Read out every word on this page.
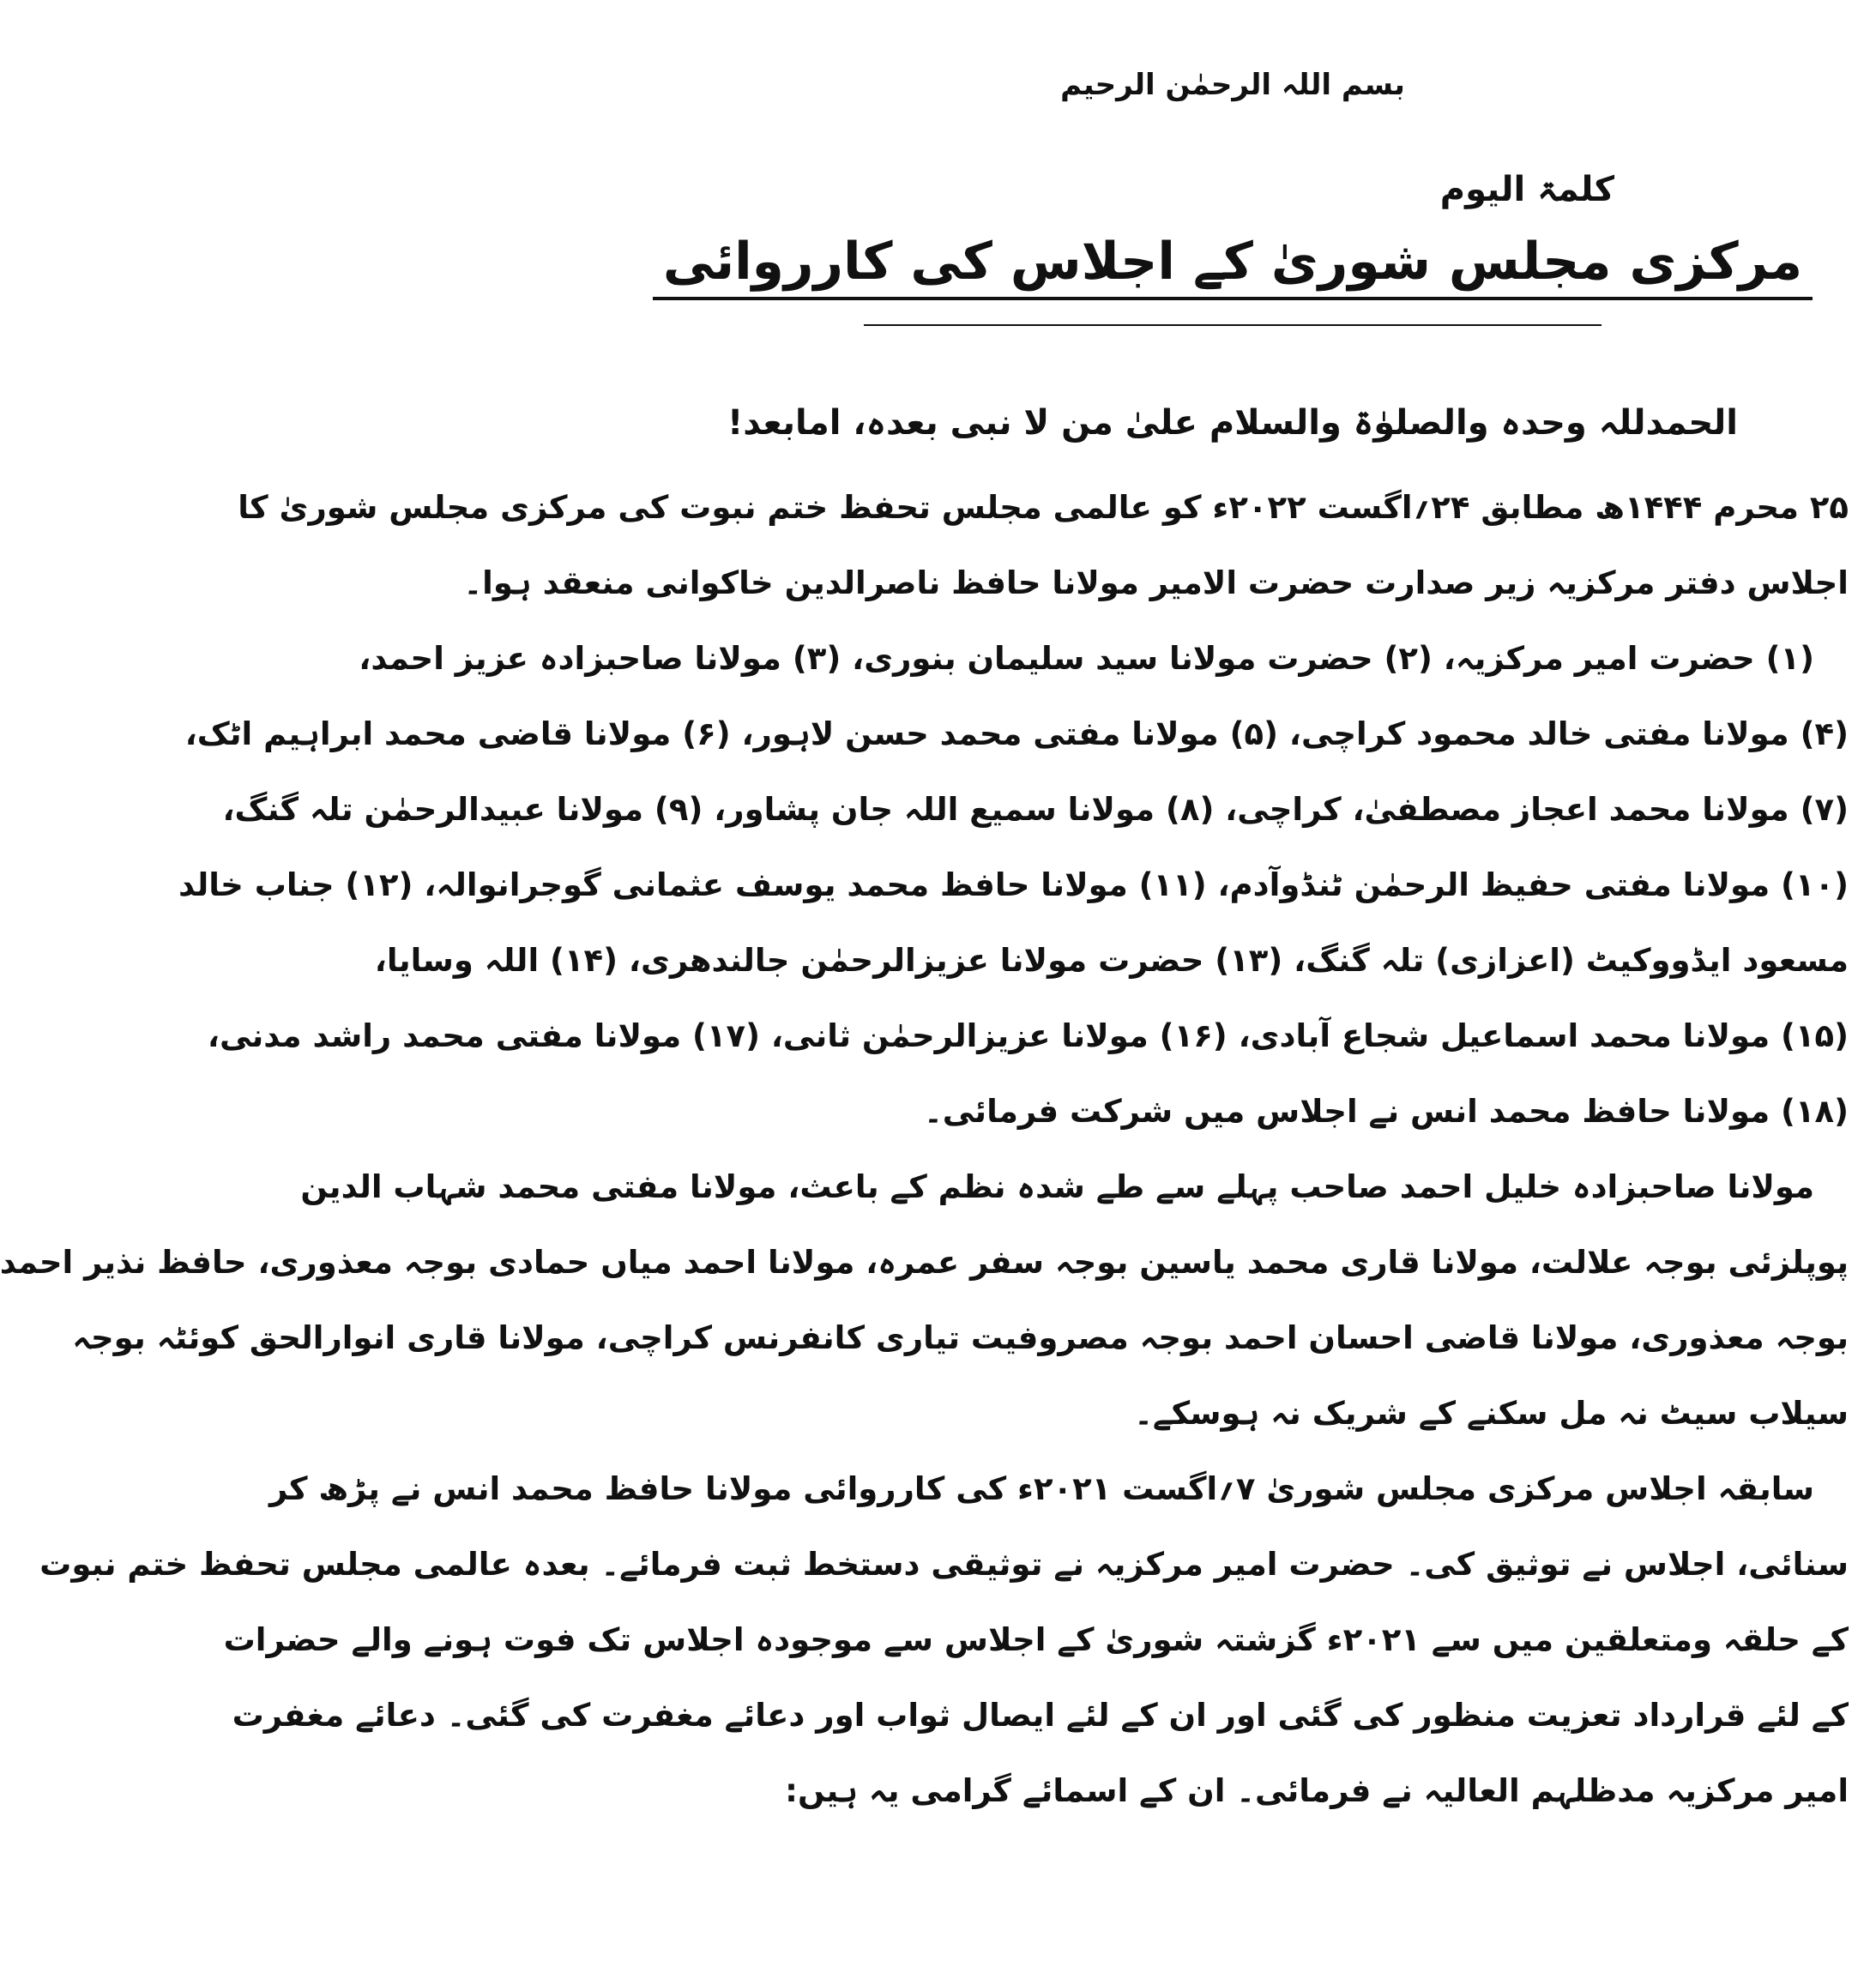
بسم اللہ الرحمٰن الرحیم
کلمۃ الیوم
مرکزی مجلس شوریٰ کے اجلاس کی کارروائی
الحمدللہ وحدہ والصلوٰۃ والسلام علیٰ من لا نبی بعدہ، امابعد!
۲۵ محرم ۱۴۴۴ھ مطابق ۲۴؍اگست ۲۰۲۲ء کو عالمی مجلس تحفظ ختم نبوت کی مرکزی مجلس شوریٰ کا
اجلاس دفتر مرکزیہ زیر صدارت حضرت الامیر مولانا حافظ ناصرالدین خاکوانی منعقد ہوا۔
(۱) حضرت امیر مرکزیہ، (۲) حضرت مولانا سید سلیمان بنوری، (۳) مولانا صاحبزادہ عزیز احمد،
(۴) مولانا مفتی خالد محمود کراچی، (۵) مولانا مفتی محمد حسن لاہور، (۶) مولانا قاضی محمد ابراہیم اٹک،
(۷) مولانا محمد اعجاز مصطفیٰ، کراچی، (۸) مولانا سمیع اللہ جان پشاور، (۹) مولانا عبیدالرحمٰن تلہ گنگ،
(۱۰) مولانا مفتی حفیظ الرحمٰن ٹنڈوآدم، (۱۱) مولانا حافظ محمد یوسف عثمانی گوجرانوالہ، (۱۲) جناب خالد
مسعود ایڈووکیٹ (اعزازی) تلہ گنگ، (۱۳) حضرت مولانا عزیزالرحمٰن جالندھری، (۱۴) اللہ وسایا،
(۱۵) مولانا محمد اسماعیل شجاع آبادی، (۱۶) مولانا عزیزالرحمٰن ثانی، (۱۷) مولانا مفتی محمد راشد مدنی،
(۱۸) مولانا حافظ محمد انس نے اجلاس میں شرکت فرمائی۔
مولانا صاحبزادہ خلیل احمد صاحب پہلے سے طے شدہ نظم کے باعث، مولانا مفتی محمد شہاب الدین
پوپلزئی بوجہ علالت، مولانا قاری محمد یاسین بوجہ سفر عمرہ، مولانا احمد میاں حمادی بوجہ معذوری، حافظ نذیر احمد
بوجہ معذوری، مولانا قاضی احسان احمد بوجہ مصروفیت تیاری کانفرنس کراچی، مولانا قاری انوارالحق کوئٹہ بوجہ
سیلاب سیٹ نہ مل سکنے کے شریک نہ ہوسکے۔
سابقہ اجلاس مرکزی مجلس شوریٰ ۷؍اگست ۲۰۲۱ء کی کارروائی مولانا حافظ محمد انس نے پڑھ کر
سنائی، اجلاس نے توثیق کی۔ حضرت امیر مرکزیہ نے توثیقی دستخط ثبت فرمائے۔ بعدہ عالمی مجلس تحفظ ختم نبوت
کے حلقہ ومتعلقین میں سے ۲۰۲۱ء گزشتہ شوریٰ کے اجلاس سے موجودہ اجلاس تک فوت ہونے والے حضرات
کے لئے قرارداد تعزیت منظور کی گئی اور ان کے لئے ایصال ثواب اور دعائے مغفرت کی گئی۔ دعائے مغفرت
امیر مرکزیہ مدظلہم العالیہ نے فرمائی۔ ان کے اسمائے گرامی یہ ہیں:
